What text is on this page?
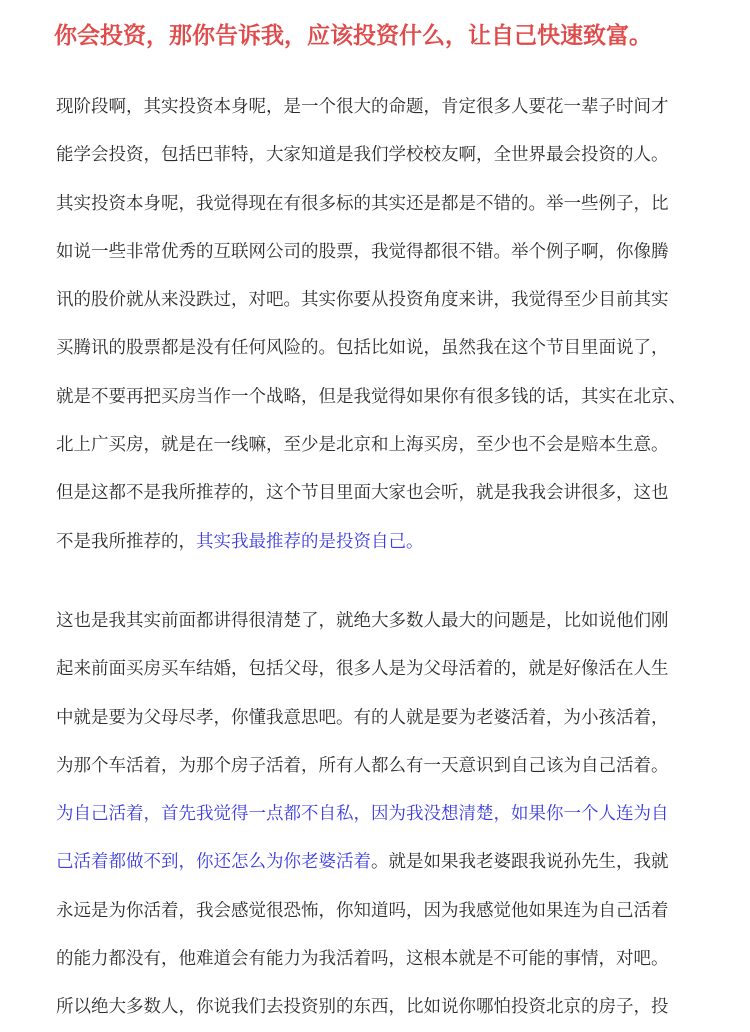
你会投资，那你告诉我，应该投资什么，让自己快速致富。
现阶段啊，其实投资本身呢，是一个很大的命题，肯定很多人要花一辈子时间才
能学会投资，包括巴菲特，大家知道是我们学校校友啊，全世界最会投资的人。
其实投资本身呢，我觉得现在有很多标的其实还是都是不错的。举一些例子，比
如说一些非常优秀的互联网公司的股票，我觉得都很不错。举个例子啊，你像腾
讯的股价就从来没跌过，对吧。其实你要从投资角度来讲，我觉得至少目前其实
买腾讯的股票都是没有任何风险的。包括比如说，虽然我在这个节目里面说了，
就是不要再把买房当作一个战略，但是我觉得如果你有很多钱的话，其实在北京、
北上广买房，就是在一线嘛，至少是北京和上海买房，至少也不会是赔本生意。
但是这都不是我所推荐的，这个节目里面大家也会听，就是我我会讲很多，这也
不是我所推荐的，其实我最推荐的是投资自己。
这也是我其实前面都讲得很清楚了，就绝大多数人最大的问题是，比如说他们刚
起来前面买房买车结婚，包括父母，很多人是为父母活着的，就是好像活在人生
中就是要为父母尽孝，你懂我意思吧。有的人就是要为老婆活着，为小孩活着，
为那个车活着，为那个房子活着，所有人都么有一天意识到自己该为自己活着。
为自己活着，首先我觉得一点都不自私，因为我没想清楚，如果你一个人连为自
己活着都做不到，你还怎么为你老婆活着。就是如果我老婆跟我说孙先生，我就
永远是为你活着，我会感觉很恐怖，你知道吗，因为我感觉他如果连为自己活着
的能力都没有，他难道会有能力为我活着吗，这根本就是不可能的事情，对吧。
所以绝大多数人，你说我们去投资别的东西，比如说你哪怕投资北京的房子，投
